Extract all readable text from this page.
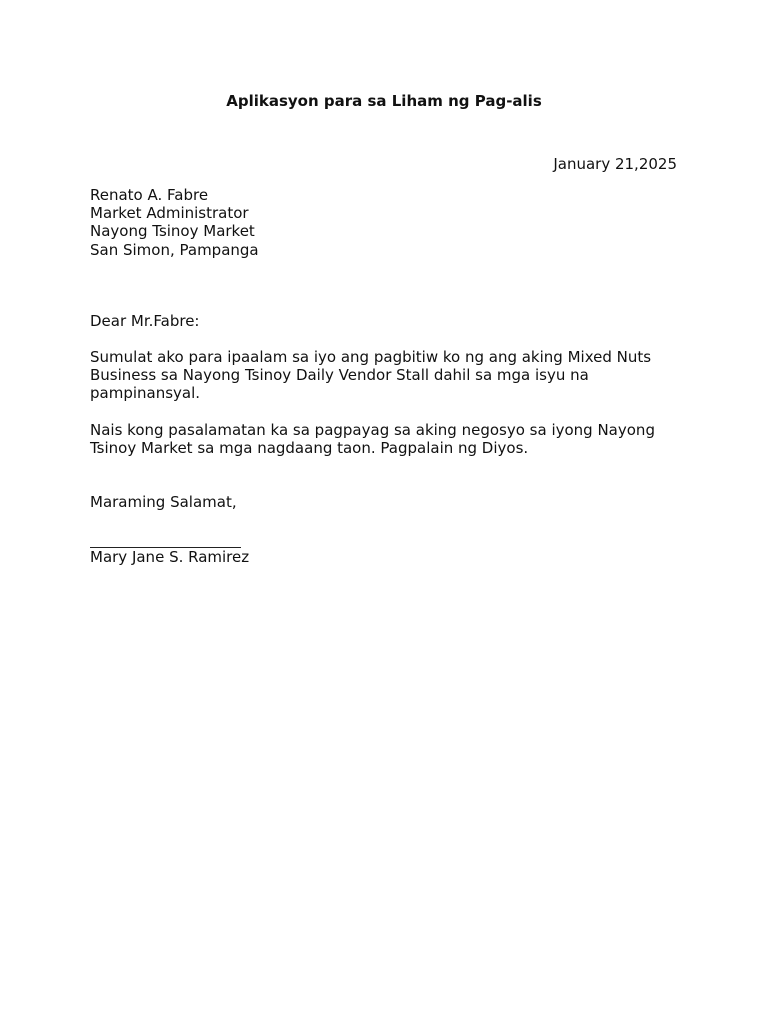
Aplikasyon para sa Liham ng Pag-alis
January 21,2025
Renato A. Fabre
Market Administrator
Nayong Tsinoy Market
San Simon, Pampanga
Dear Mr.Fabre:

Sumulat ako para ipaalam sa iyo ang pagbitiw ko ng ang aking Mixed Nuts Business sa Nayong Tsinoy Daily Vendor Stall dahil sa mga isyu na pampinansyal.

Nais kong pasalamatan ka sa pagpayag sa aking negosyo sa iyong Nayong Tsinoy Market sa mga nagdaang taon. Pagpalain ng Diyos.

Maraming Salamat,
Mary Jane S. Ramirez
